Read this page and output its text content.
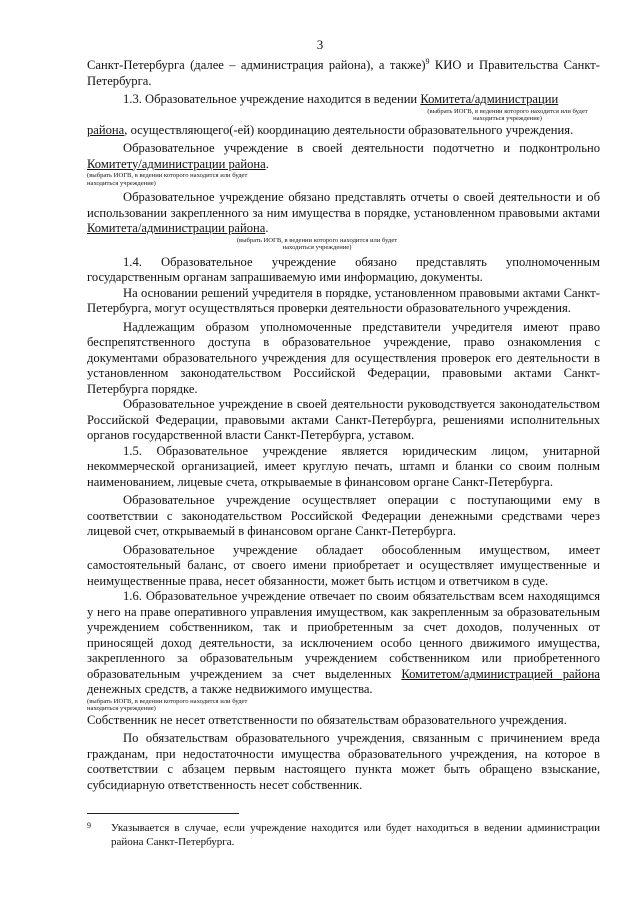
3

Санкт-Петербурга (далее – администрация района), а также)$^9$ КИО и Правительства Санкт-Петербурга.

1.3. Образовательное учреждение находится в ведении Комитета/администрации

(выбрать ИОГВ, в ведении которого находится или будет находиться учреждение)

района, осуществляющего(-ей) координацию деятельности образовательного учреждения.

Образовательное учреждение в своей деятельности подотчетно и подконтрольно Комитету/администрации района.

(выбрать ИОГВ, в ведении которого находится или будет находиться учреждение)

Образовательное учреждение обязано представлять отчеты о своей деятельности и об использовании закрепленного за ним имущества в порядке, установленном правовыми актами Комитета/администрации района.

(выбрать ИОГВ, в ведении которого находится или будет находиться учреждение)

1.4. Образовательное учреждение обязано представлять уполномоченным государственным органам запрашиваемую ими информацию, документы.

На основании решений учредителя в порядке, установленном правовыми актами Санкт-Петербурга, могут осуществляться проверки деятельности образовательного учреждения.

Надлежащим образом уполномоченные представители учредителя имеют право беспрепятственного доступа в образовательное учреждение, право ознакомления с документами образовательного учреждения для осуществления проверок его деятельности в установленном законодательством Российской Федерации, правовыми актами Санкт-Петербурга порядке.

Образовательное учреждение в своей деятельности руководствуется законодательством Российской Федерации, правовыми актами Санкт-Петербурга, решениями исполнительных органов государственной власти Санкт-Петербурга, уставом.

1.5. Образовательное учреждение является юридическим лицом, унитарной некоммерческой организацией, имеет круглую печать, штамп и бланки со своим полным наименованием, лицевые счета, открываемые в финансовом органе Санкт-Петербурга.

Образовательное учреждение осуществляет операции с поступающими ему в соответствии с законодательством Российской Федерации денежными средствами через лицевой счет, открываемый в финансовом органе Санкт-Петербурга.

Образовательное учреждение обладает обособленным имуществом, имеет самостоятельный баланс, от своего имени приобретает и осуществляет имущественные и неимущественные права, несет обязанности, может быть истцом и ответчиком в суде.

1.6. Образовательное учреждение отвечает по своим обязательствам всем находящимся у него на праве оперативного управления имуществом, как закрепленным за образовательным учреждением собственником, так и приобретенным за счет доходов, полученных от приносящей доход деятельности, за исключением особо ценного движимого имущества, закрепленного за образовательным учреждением собственником или приобретенного образовательным учреждением за счет выделенных Комитетом/администрацией района денежных средств, а также недвижимого имущества.

(выбрать ИОГВ, в ведении которого находится или будет находиться учреждение)

Собственник не несет ответственности по обязательствам образовательного учреждения.

По обязательствам образовательного учреждения, связанным с причинением вреда гражданам, при недостаточности имущества образовательного учреждения, на которое в соответствии с абзацем первым настоящего пункта может быть обращено взыскание, субсидиарную ответственность несет собственник.

9 Указывается в случае, если учреждение находится или будет находиться в ведении администрации района Санкт-Петербурга.
